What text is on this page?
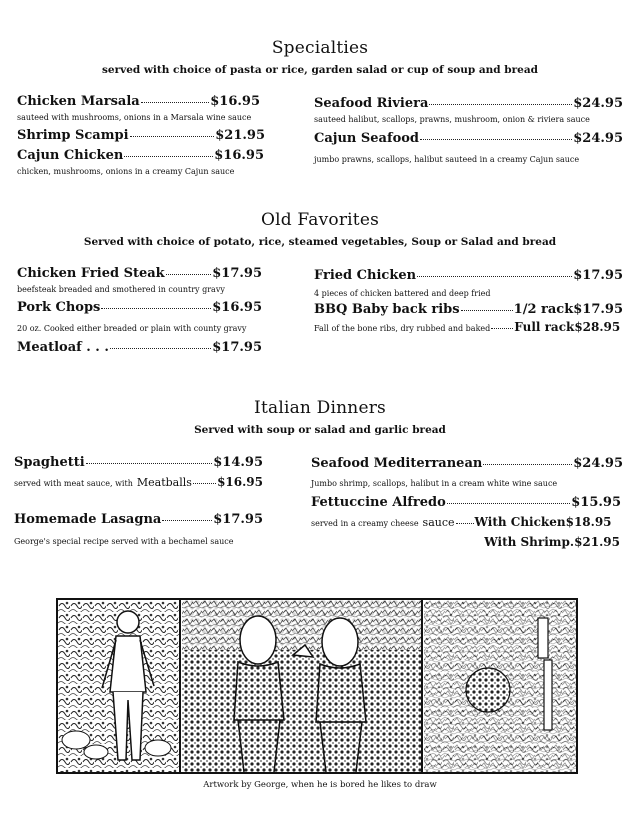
Specialties
served with choice of pasta or rice, garden salad or cup of soup and bread
Chicken Marsala	$16.95
sauteed with mushrooms, onions in a Marsala wine sauce
Shrimp Scampi	$21.95
Cajun Chicken	$16.95
chicken, mushrooms, onions in a creamy Cajun sauce
Seafood Riviera	$24.95
sauteed halibut, scallops, prawns, mushroom, onion & riviera sauce
Cajun Seafood	$24.95
jumbo prawns, scallops, halibut sauteed in a creamy Cajun sauce
Old Favorites
Served with choice of potato, rice, steamed vegetables, Soup or Salad and bread
Chicken Fried Steak	$17.95
beefsteak breaded and smothered in country gravy
Pork Chops	$16.95
20 oz. Cooked either breaded or plain with county gravy
Meatloaf . . .	$17.95
Fried Chicken	$17.95
4 pieces of chicken battered and deep fried
BBQ Baby back ribs	1/2 rack $17.95
Fall of the bone ribs, dry rubbed and baked Full rack $28.95
Italian Dinners
Served with soup or salad and garlic bread
Spaghetti	$14.95
served with meat sauce, with Meatballs $16.95
Homemade Lasagna	$17.95
George's special recipe served with a bechamel sauce
Seafood Mediterranean	$24.95
Jumbo shrimp, scallops, halibut in a cream white wine sauce
Fettuccine Alfredo	$15.95
served in a creamy cheese sauce With Chicken $18.95
With Shrimp. $21.95
Artwork by George, when he is bored he likes to draw
